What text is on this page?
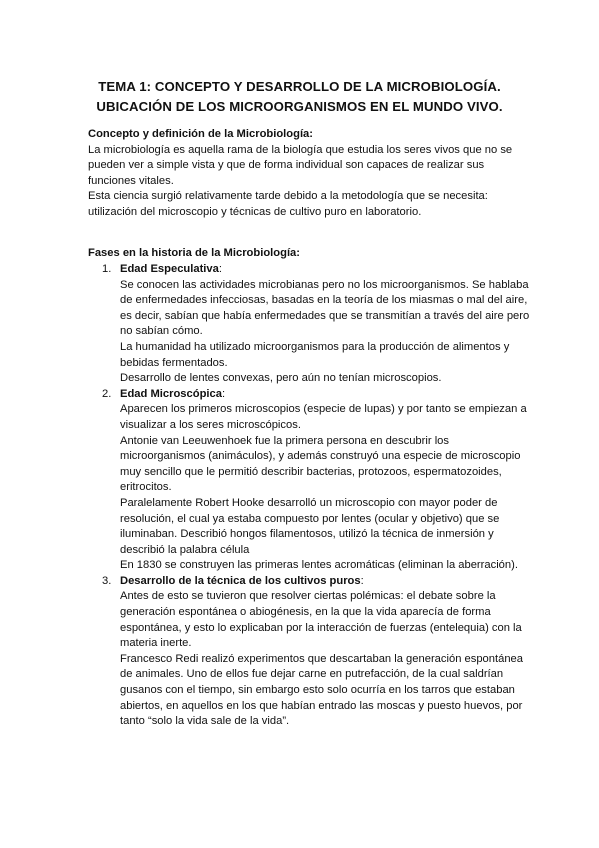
TEMA 1: CONCEPTO Y DESARROLLO DE LA MICROBIOLOGÍA.
UBICACIÓN DE LOS MICROORGANISMOS EN EL MUNDO VIVO.

Concepto y definición de la Microbiología:

La microbiología es aquella rama de la biología que estudia los seres vivos que no se pueden ver a simple vista y que de forma individual son capaces de realizar sus funciones vitales.

Esta ciencia surgió relativamente tarde debido a la metodología que se necesita: utilización del microscopio y técnicas de cultivo puro en laboratorio.

Fases en la historia de la Microbiología:

1. Edad Especulativa:

Se conocen las actividades microbianas pero no los microorganismos. Se hablaba de enfermedades infecciosas, basadas en la teoría de los miasmas o mal del aire, es decir, sabían que había enfermedades que se transmitían a través del aire pero no sabían cómo.

La humanidad ha utilizado microorganismos para la producción de alimentos y bebidas fermentados.

Desarrollo de lentes convexas, pero aún no tenían microscopios.

2. Edad Microscópica:

Aparecen los primeros microscopios (especie de lupas) y por tanto se empiezan a visualizar a los seres microscópicos.

Antonie van Leeuwenhoek fue la primera persona en descubrir los microorganismos (animáculos), y además construyó una especie de microscopio muy sencillo que le permitió describir bacterias, protozoos, espermatozoides, eritrocitos.

Paralelamente Robert Hooke desarrolló un microscopio con mayor poder de resolución, el cual ya estaba compuesto por lentes (ocular y objetivo) que se iluminaban. Describió hongos filamentosos, utilizó la técnica de inmersión y describió la palabra célula

En 1830 se construyen las primeras lentes acromáticas (eliminan la aberración).

3. Desarrollo de la técnica de los cultivos puros:

Antes de esto se tuvieron que resolver ciertas polémicas: el debate sobre la generación espontánea o abiogénesis, en la que la vida aparecía de forma espontánea, y esto lo explicaban por la interacción de fuerzas (entelequia) con la materia inerte.

Francesco Redi realizó experimentos que descartaban la generación espontánea de animales. Uno de ellos fue dejar carne en putrefacción, de la cual saldrían gusanos con el tiempo, sin embargo esto solo ocurría en los tarros que estaban abiertos, en aquellos en los que habían entrado las moscas y puesto huevos, por tanto “solo la vida sale de la vida”.
